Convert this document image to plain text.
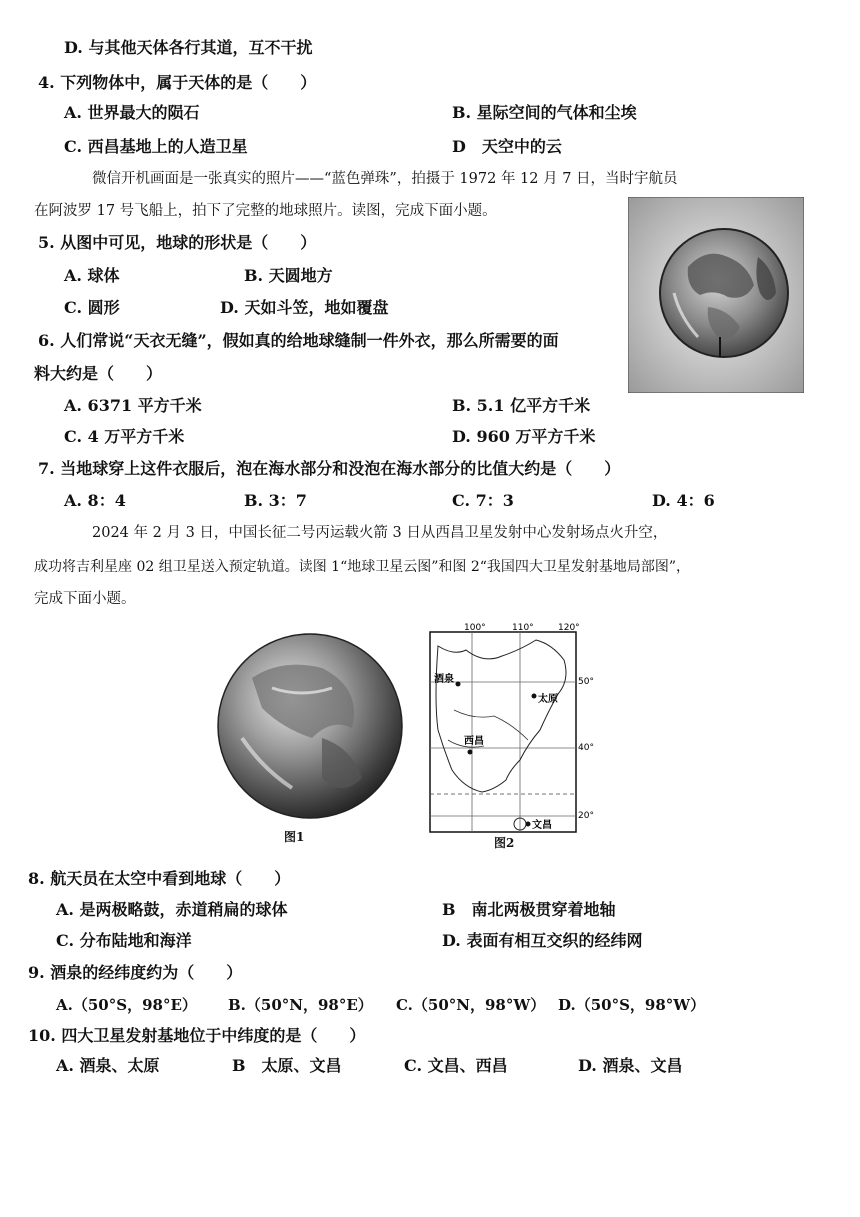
D. 与其他天体各行其道，互不干扰
4. 下列物体中，属于天体的是（　　）
A. 世界最大的陨石	B. 星际空间的气体和尘埃
C. 西昌基地上的人造卫星	D　天空中的云
微信开机画面是一张真实的照片——“蓝色弹珠”，拍摄于 1972 年 12 月 7 日，当时宇航员
在阿波罗 17 号飞船上，拍下了完整的地球照片。读图，完成下面小题。
5. 从图中可见，地球的形状是（　　）
A. 球体	B. 天圆地方
C. 圆形	D. 天如斗笠，地如覆盘
6. 人们常说“天衣无缝”，假如真的给地球缝制一件外衣，那么所需要的面
料大约是（　　）
A. 6371 平方千米	B. 5.1 亿平方千米
C. 4 万平方千米	D. 960 万平方千米
7. 当地球穿上这件衣服后，泡在海水部分和没泡在海水部分的比值大约是（　　）
A. 8：4	B. 3：7	C. 7：3	D. 4：6
2024 年 2 月 3 日，中国长征二号丙运载火箭 3 日从西昌卫星发射中心发射场点火升空，
成功将吉利星座 02 组卫星送入预定轨道。读图 1“地球卫星云图”和图 2“我国四大卫星发射基地局部图”，
完成下面小题。
图1
100°	110°	120°
50°
40°
20°
酒泉
太原
西昌
文昌
图2
8. 航天员在太空中看到地球（　　）
A. 是两极略鼓，赤道稍扁的球体	B　南北两极贯穿着地轴
C. 分布陆地和海洋	D. 表面有相互交织的经纬网
9. 酒泉的经纬度约为（　　）
A.（50°S，98°E） B.（50°N，98°E） C.（50°N，98°W） D.（50°S，98°W）
10. 四大卫星发射基地位于中纬度的是（　　）
A. 酒泉、太原	B　太原、文昌	C. 文昌、西昌	D. 酒泉、文昌
